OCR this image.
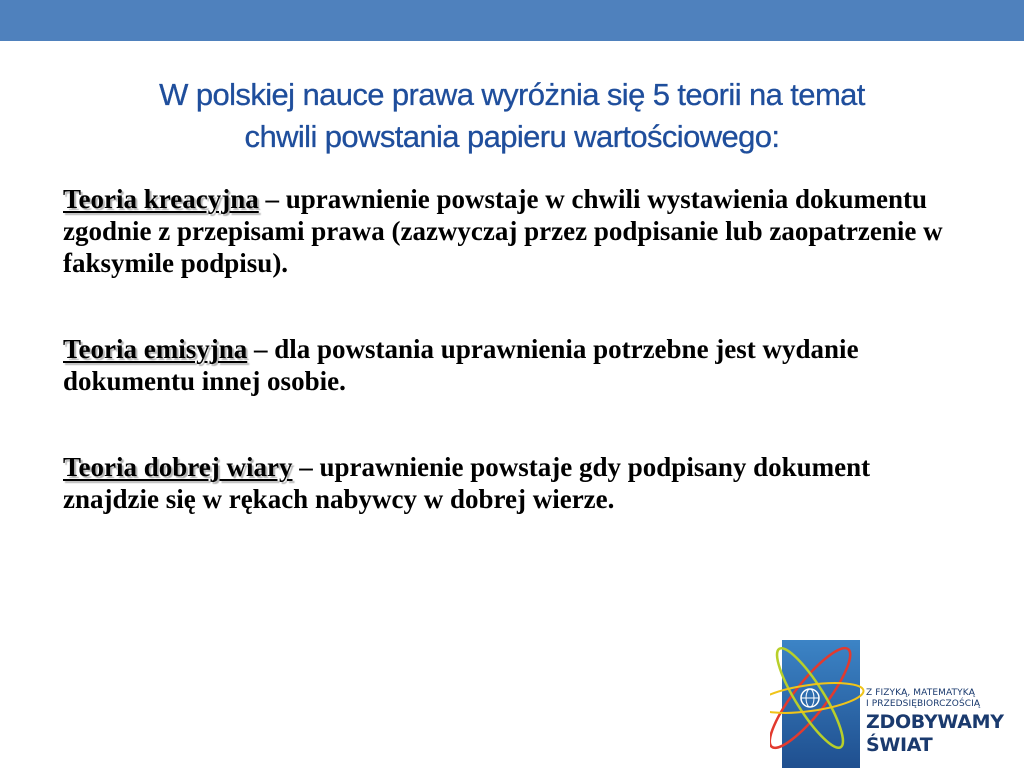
W polskiej nauce prawa wyróżnia się 5 teorii na temat
chwili powstania papieru wartościowego:

Teoria kreacyjna – uprawnienie powstaje w chwili wystawienia dokumentu zgodnie z przepisami prawa (zazwyczaj przez podpisanie lub zaopatrzenie w faksymile podpisu).

Teoria emisyjna – dla powstania uprawnienia potrzebne jest wydanie dokumentu innej osobie.

Teoria dobrej wiary – uprawnienie powstaje gdy podpisany dokument znajdzie się w rękach nabywcy w dobrej wierze.

Z FIZYKĄ, MATEMATYKĄ
I PRZEDSIĘBIORCZOŚCIĄ
ZDOBYWAMY
ŚWIAT
